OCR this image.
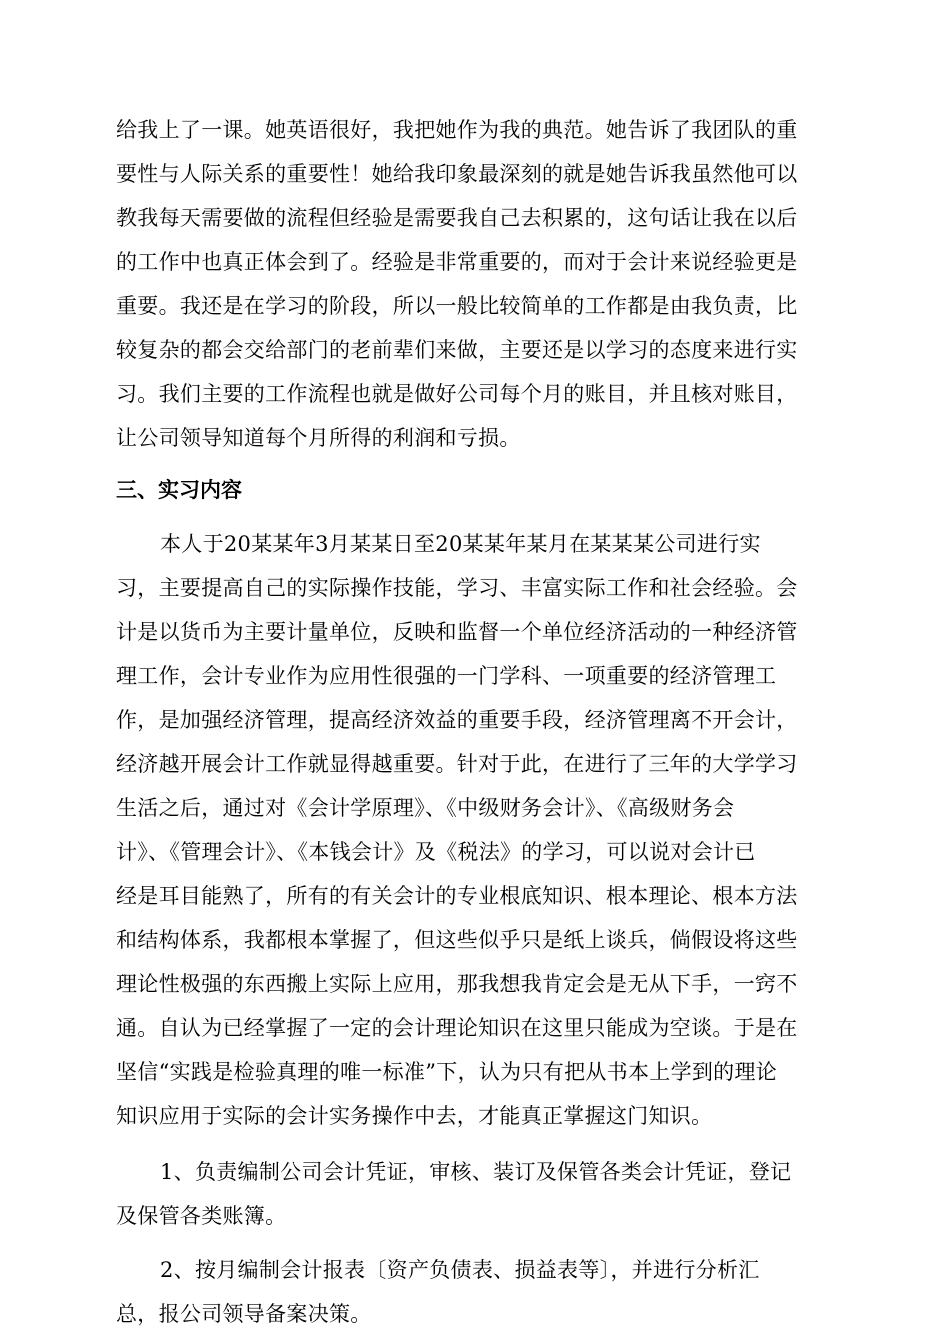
给我上了一课。她英语很好，我把她作为我的典范。她告诉了我团队的重
要性与人际关系的重要性！她给我印象最深刻的就是她告诉我虽然他可以
教我每天需要做的流程但经验是需要我自己去积累的，这句话让我在以后
的工作中也真正体会到了。经验是非常重要的，而对于会计来说经验更是
重要。我还是在学习的阶段，所以一般比较简单的工作都是由我负责，比
较复杂的都会交给部门的老前辈们来做，主要还是以学习的态度来进行实
习。我们主要的工作流程也就是做好公司每个月的账目，并且核对账目，
让公司领导知道每个月所得的利润和亏损。
三、实习内容
本人于20某某年3月某某日至20某某年某月在某某某公司进行实
习，主要提高自己的实际操作技能，学习、丰富实际工作和社会经验。会
计是以货币为主要计量单位，反映和监督一个单位经济活动的一种经济管
理工作，会计专业作为应用性很强的一门学科、一项重要的经济管理工
作，是加强经济管理，提高经济效益的重要手段，经济管理离不开会计，
经济越开展会计工作就显得越重要。针对于此，在进行了三年的大学学习
生活之后，通过对《会计学原理》、《中级财务会计》、《高级财务会
计》、《管理会计》、《本钱会计》及《税法》的学习，可以说对会计已
经是耳目能熟了，所有的有关会计的专业根底知识、根本理论、根本方法
和结构体系，我都根本掌握了，但这些似乎只是纸上谈兵，倘假设将这些
理论性极强的东西搬上实际上应用，那我想我肯定会是无从下手，一窍不
通。自认为已经掌握了一定的会计理论知识在这里只能成为空谈。于是在
坚信“实践是检验真理的唯一标准”下，认为只有把从书本上学到的理论
知识应用于实际的会计实务操作中去，才能真正掌握这门知识。
1、负责编制公司会计凭证，审核、装订及保管各类会计凭证，登记
及保管各类账簿。
2、按月编制会计报表〔资产负债表、损益表等〕，并进行分析汇
总，报公司领导备案决策。
